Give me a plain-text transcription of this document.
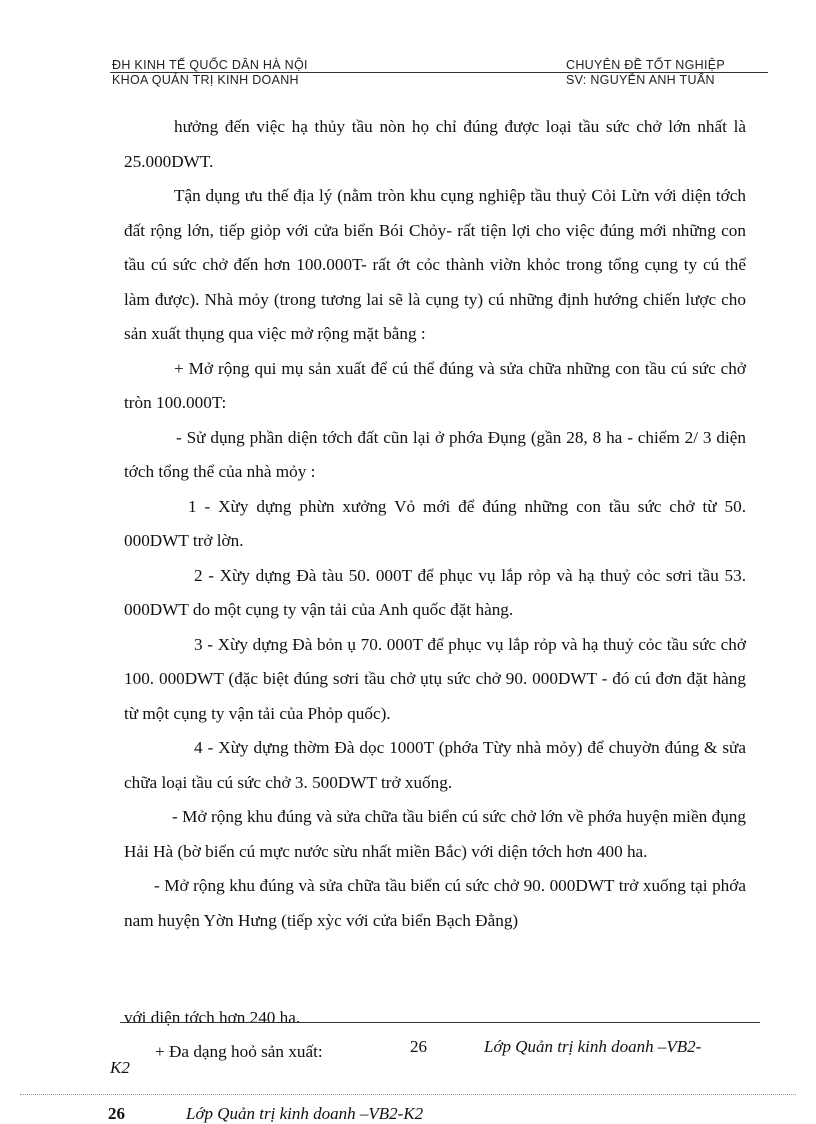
ĐH KINH TẾ QUỐC DÂN HÀ NỘI
KHOA QUẢN TRỊ KINH DOANH
CHUYÊN ĐỀ TỐT NGHIỆP
SV: NGUYỄN ANH TUẤN

hưởng đến việc hạ thủy tầu nòn họ chỉ đúng được loại tầu sức chở lớn nhất là 25.000DWT.

Tận dụng ưu thế địa lý (nằm tròn khu cụng nghiệp tầu thuỷ Cỏi Lừn với diện tớch đất rộng lớn, tiếp giỏp với cửa biển Bói Chỏy- rất tiện lợi cho việc đúng mới những con tầu cú sức chở đến hơn 100.000T- rất ớt cỏc thành viờn khỏc trong tổng cụng ty cú thể làm được). Nhà mỏy (trong tương lai sẽ là cụng ty) cú những định hướng chiến lược cho sản xuất thụng qua việc mở rộng mặt bằng :

+ Mở rộng qui mụ sản xuất để cú thể đúng và sửa chữa những con tầu cú sức chở tròn 100.000T:

- Sử dụng phần diện tớch đất cũn lại ở phớa Đụng (gần 28, 8 ha - chiếm 2/ 3 diện tớch tổng thể của nhà mỏy :

1 - Xừy dựng phừn xưởng Vỏ mới để đúng những con tầu sức chở từ 50. 000DWT trở lờn.

2 - Xừy dựng Đà tàu 50. 000T để phục vụ lắp rỏp và hạ thuỷ cỏc sơri tầu 53. 000DWT do một cụng ty vận tải của Anh quốc đặt hàng.

3 - Xừy dựng Đà bỏn ụ 70. 000T để phục vụ lắp rỏp và hạ thuỷ cỏc tầu sức chở 100. 000DWT (đặc biệt đúng sơri tầu chở ụtụ sức chở 90. 000DWT - đó cú đơn đặt hàng từ một cụng ty vận tải của Phỏp quốc).

4 - Xừy dựng thờm Đà dọc 1000T (phớa Từy nhà mỏy) để chuyờn đúng & sửa chữa loại tầu cú sức chở 3. 500DWT trở xuống.

- Mở rộng khu đúng và sửa chữa tầu biển cú sức chở lớn về phớa huyện miền đụng Hải Hà (bờ biển cú mực nước sừu nhất miền Bắc) với diện tớch hơn 400 ha.

- Mở rộng khu đúng và sửa chữa tầu biển cú sức chở 90. 000DWT trở xuống tại phớa nam huyện Yờn Hưng (tiếp xỳc với cửa biển Bạch Đằng)

với diện tớch hơn 240 ha.
+ Đa dạng hoỏ sản xuất:	26	Lớp Quản trị kinh doanh –VB2-
K2
26	Lớp Quản trị kinh doanh –VB2-K2
